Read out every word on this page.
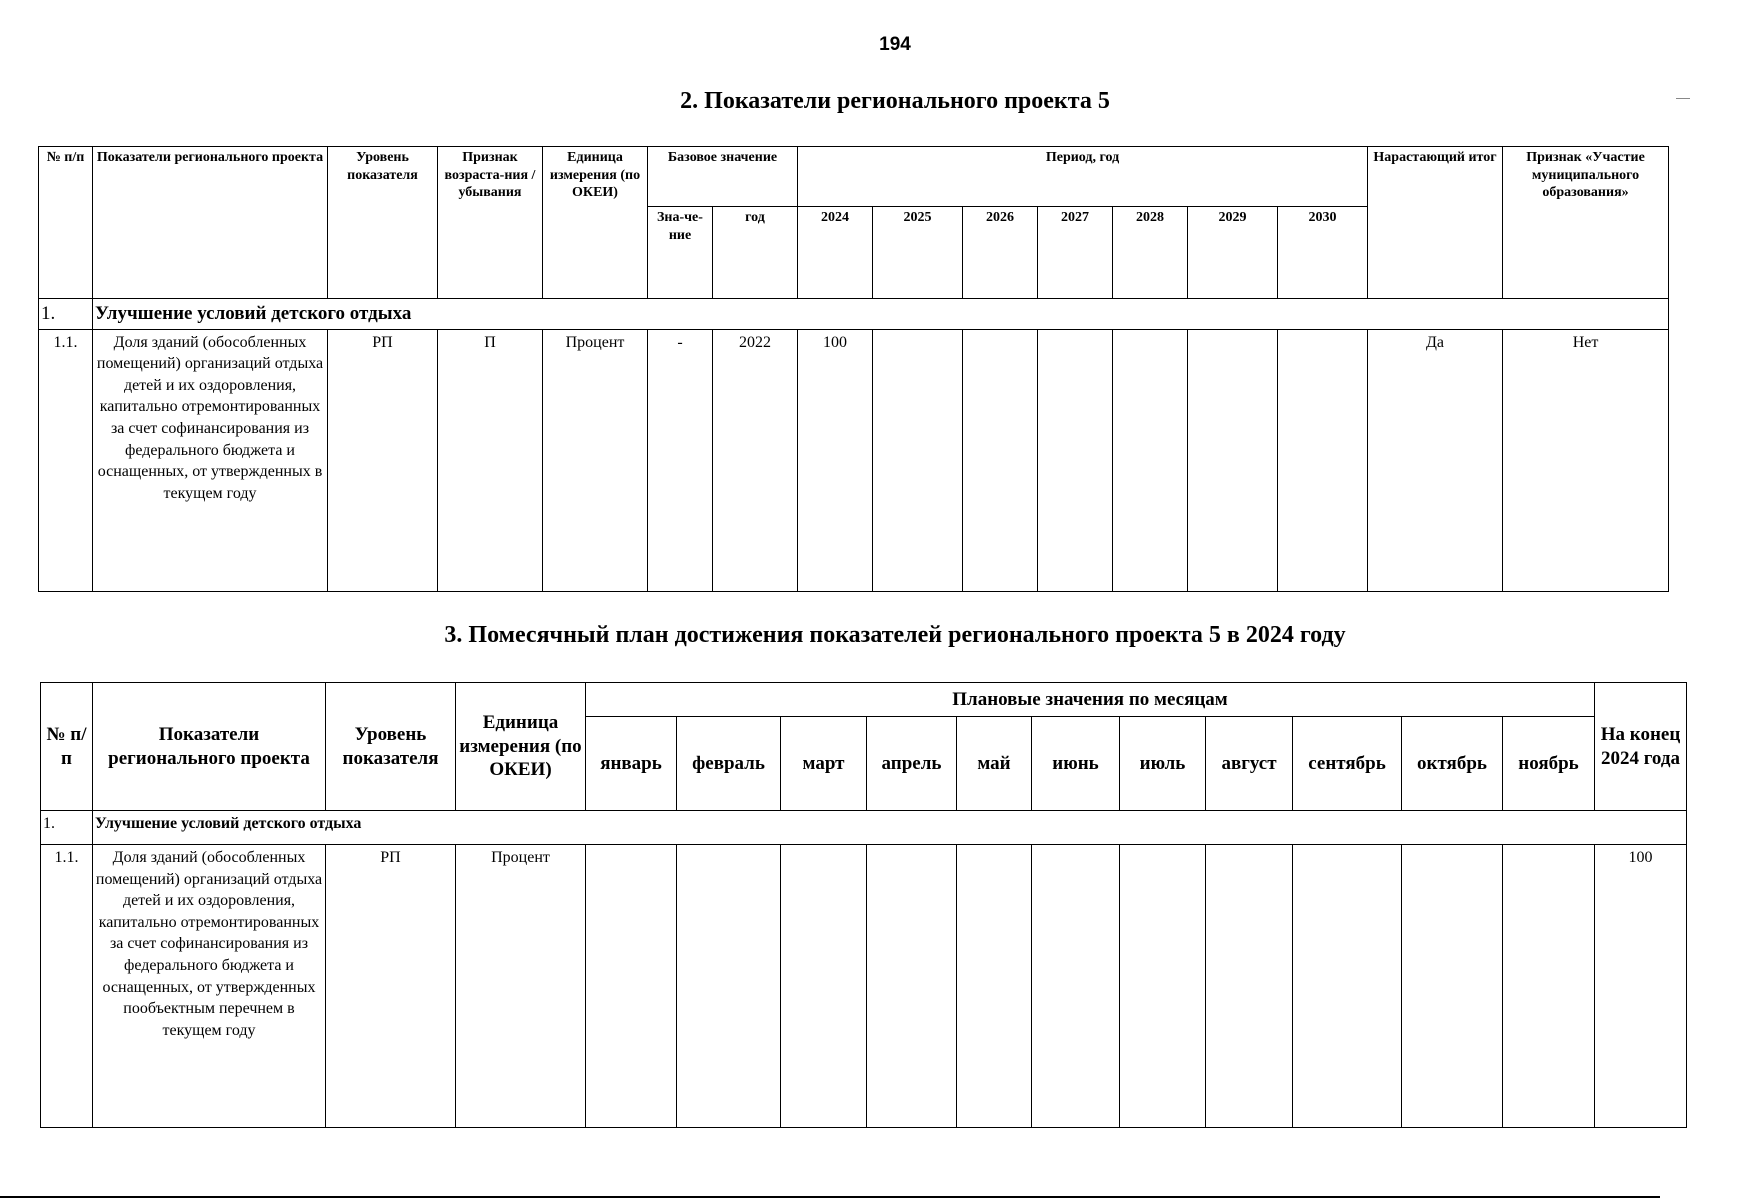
194
2. Показатели регионального проекта 5
№ п/п	Показатели регионального проекта	Уровень показателя	Признак возраста-ния / убывания	Единица измерения (по ОКЕИ)	Базовое значение		Период, год							Нарастающий итог	Признак «Участие муниципального образования»
					Зна-че-ние	год	2024	2025	2026	2027	2028	2029	2030		
1.	Улучшение условий детского отдыха														
1.1.	Доля зданий (обособленных помещений) организаций отдыха детей и их оздоровления, капитально отремонтированных за счет софинансирования из федерального бюджета и оснащенных, от утвержденных в текущем году	РП	П	Процент	-	2022	100							Да	Нет
3. Помесячный план достижения показателей регионального проекта 5 в 2024 году
№ п/п	Показатели регионального проекта	Уровень показателя	Единица измерения (по ОКЕИ)	Плановые значения по месяцам											На конец 2024 года
				январь	февраль	март	апрель	май	июнь	июль	август	сентябрь	октябрь	ноябрь	
1.	Улучшение условий детского отдыха														
1.1.	Доля зданий (обособленных помещений) организаций отдыха детей и их оздоровления, капитально отремонтированных за счет софинансирования из федерального бюджета и оснащенных, от утвержденных пообъектным перечнем в текущем году	РП	Процент												100
